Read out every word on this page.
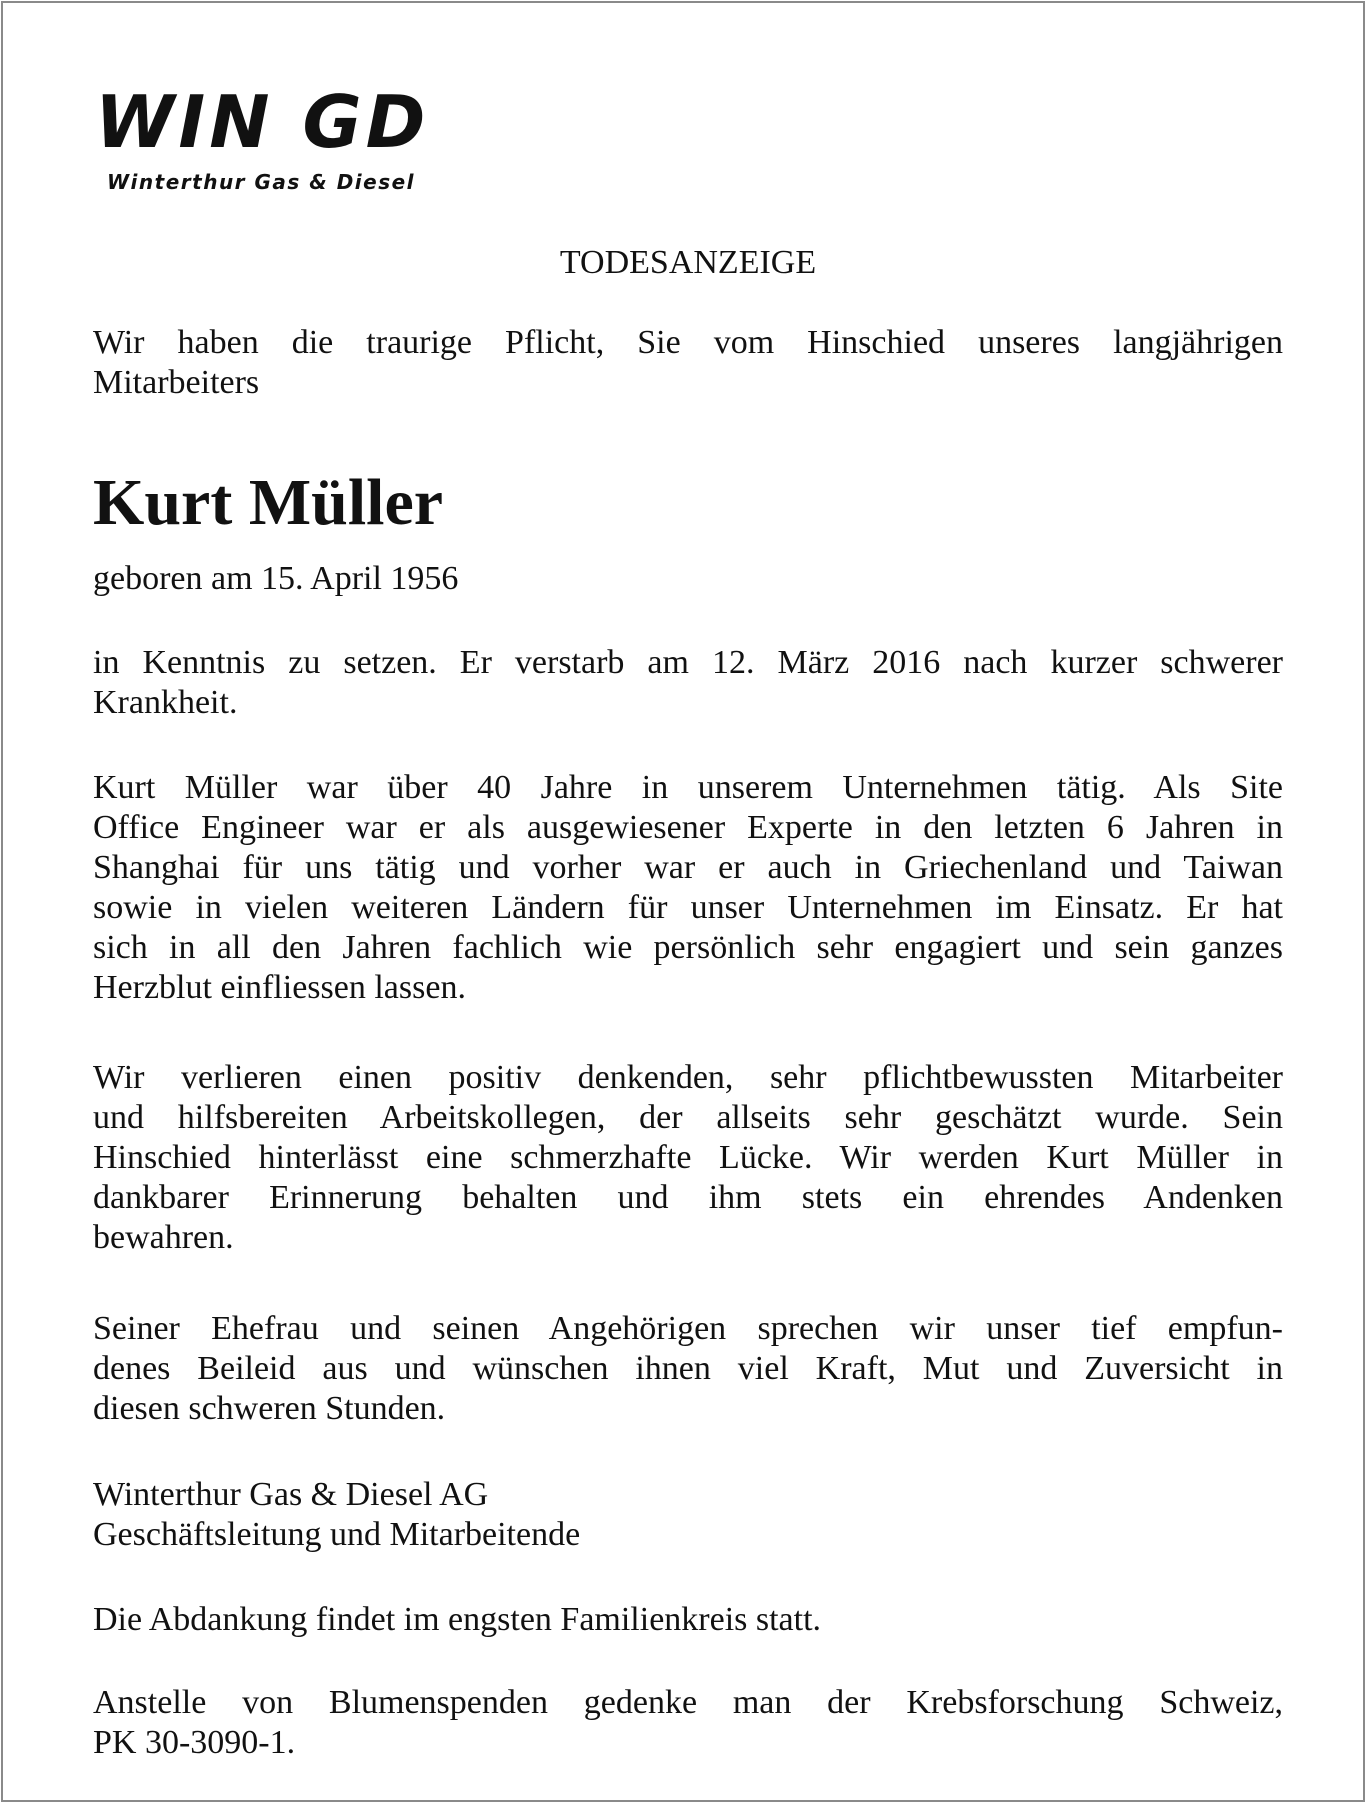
WIN GD
Winterthur Gas & Diesel
TODESANZEIGE
Wir haben die traurige Pflicht, Sie vom Hinschied unseres langjährigen
Mitarbeiters
Kurt Müller
geboren am 15. April 1956
in Kenntnis zu setzen. Er verstarb am 12. März 2016 nach kurzer schwerer
Krankheit.
Kurt Müller war über 40 Jahre in unserem Unternehmen tätig. Als Site
Office Engineer war er als ausgewiesener Experte in den letzten 6 Jahren in
Shanghai für uns tätig und vorher war er auch in Griechenland und Taiwan
sowie in vielen weiteren Ländern für unser Unternehmen im Einsatz. Er hat
sich in all den Jahren fachlich wie persönlich sehr engagiert und sein ganzes
Herzblut einfliessen lassen.
Wir verlieren einen positiv denkenden, sehr pflichtbewussten Mitarbeiter
und hilfsbereiten Arbeitskollegen, der allseits sehr geschätzt wurde. Sein
Hinschied hinterlässt eine schmerzhafte Lücke. Wir werden Kurt Müller in
dankbarer Erinnerung behalten und ihm stets ein ehrendes Andenken
bewahren.
Seiner Ehefrau und seinen Angehörigen sprechen wir unser tief empfun-
denes Beileid aus und wünschen ihnen viel Kraft, Mut und Zuversicht in
diesen schweren Stunden.
Winterthur Gas & Diesel AG
Geschäftsleitung und Mitarbeitende
Die Abdankung findet im engsten Familienkreis statt.
Anstelle von Blumenspenden gedenke man der Krebsforschung Schweiz,
PK 30-3090-1.
